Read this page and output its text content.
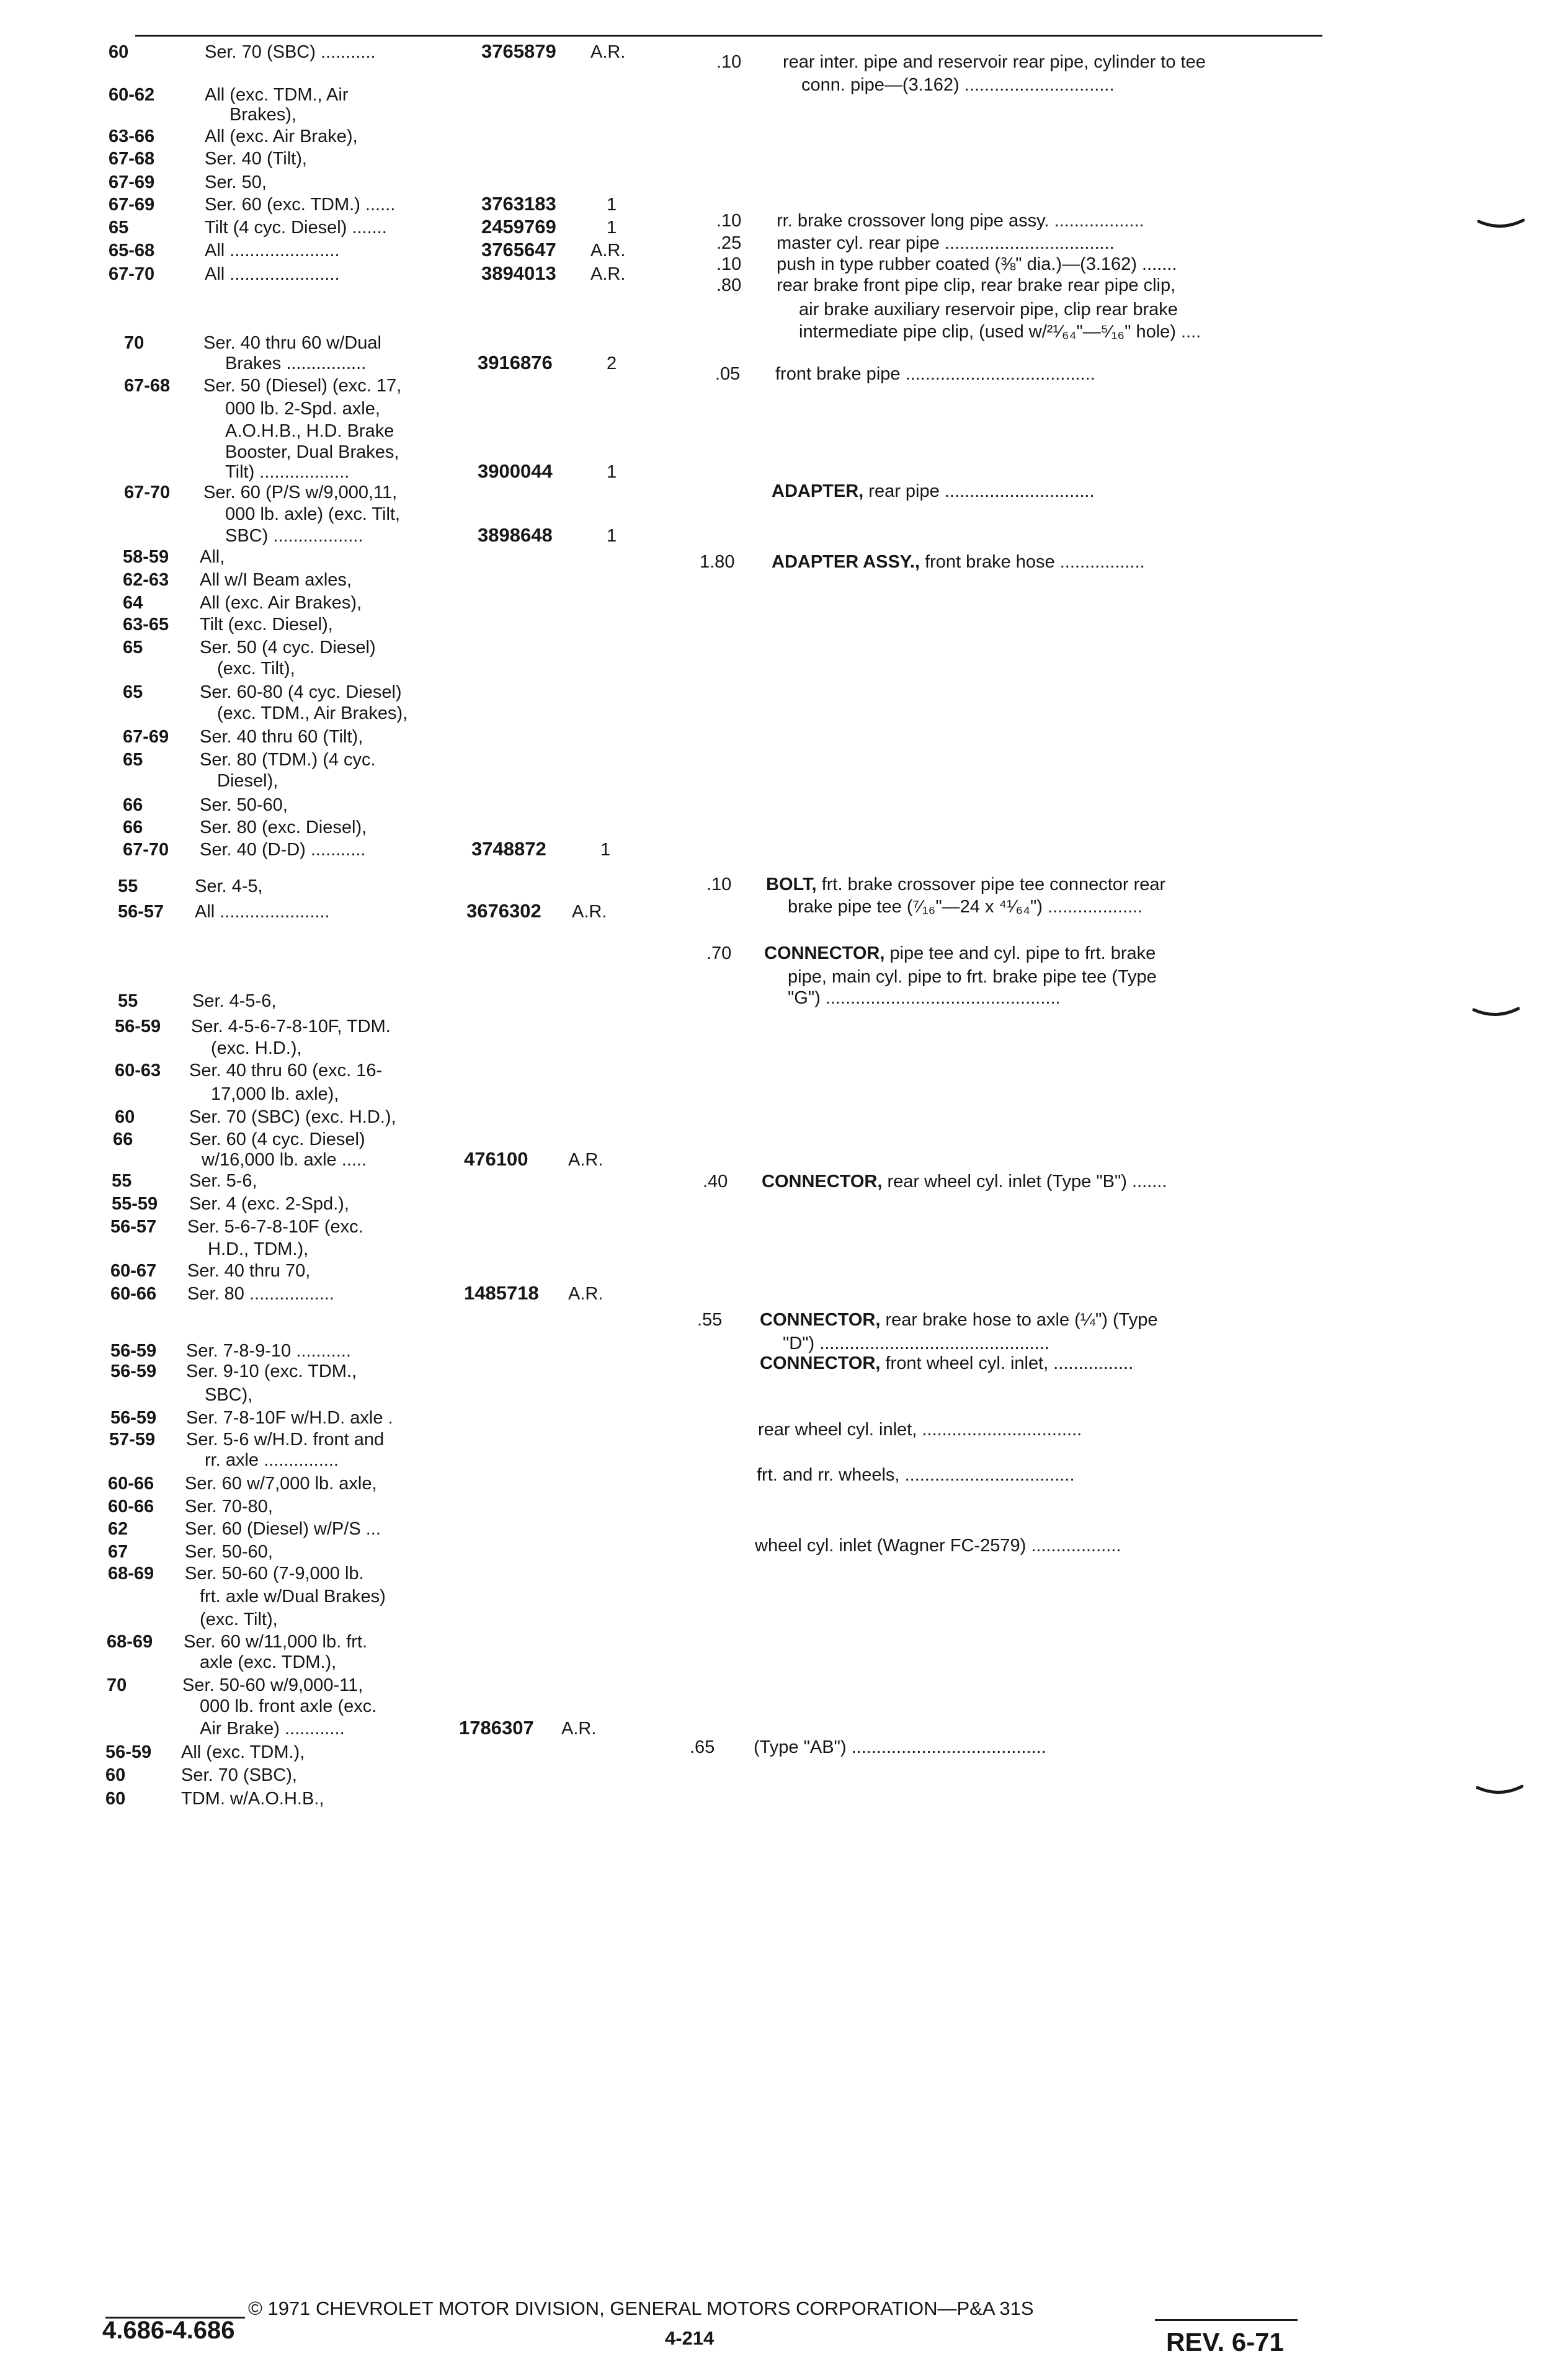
60	Ser. 70 (SBC) ...........	3765879 A.R.
60-62	All (exc. TDM., Air
Brakes),
63-66	All (exc. Air Brake),
67-68	Ser. 40 (Tilt),
67-69	Ser. 50,
67-69	Ser. 60 (exc. TDM.) ......	3763183	1
65	Tilt (4 cyc. Diesel) .......	2459769	1
65-68	All ......................	3765647 A.R.
67-70	All ......................	3894013 A.R.
70	Ser. 40 thru 60 w/Dual
Brakes ................	3916876	2
67-68 Ser. 50 (Diesel) (exc. 17,
000 lb. 2-Spd. axle,
A.O.H.B., H.D. Brake
Booster, Dual Brakes,
Tilt) ..................	3900044	1
67-70 Ser. 60 (P/S w/9,000,11,
000 lb. axle) (exc. Tilt,
SBC) ..................	3898648	1
58-59 All,
62-63 All w/I Beam axles,
64	All (exc. Air Brakes),
63-65 Tilt (exc. Diesel),
65	Ser. 50 (4 cyc. Diesel)
(exc. Tilt),
65	Ser. 60-80 (4 cyc. Diesel)
(exc. TDM., Air Brakes),
67-69 Ser. 40 thru 60 (Tilt),
65	Ser. 80 (TDM.) (4 cyc.
Diesel),
66	Ser. 50-60,
66	Ser. 80 (exc. Diesel),
67-70 Ser. 40 (D-D) ...........	3748872	1
55	Ser. 4-5,
56-57 All ......................	3676302 A.R.
55	Ser. 4-5-6,
56-59 Ser. 4-5-6-7-8-10F, TDM.
(exc. H.D.),
60-63 Ser. 40 thru 60 (exc. 16-
17,000 lb. axle),
60	Ser. 70 (SBC) (exc. H.D.),
66	Ser. 60 (4 cyc. Diesel)
w/16,000 lb. axle .....	476100 A.R.
55	Ser. 5-6,
55-59 Ser. 4 (exc. 2-Spd.),
56-57 Ser. 5-6-7-8-10F (exc.
H.D., TDM.),
60-67 Ser. 40 thru 70,
60-66 Ser. 80 .................	1485718 A.R.
56-59 Ser. 7-8-9-10 ...........
56-59 Ser. 9-10 (exc. TDM.,
SBC),
56-59 Ser. 7-8-10F w/H.D. axle .
57-59 Ser. 5-6 w/H.D. front and
rr. axle ...............
60-66 Ser. 60 w/7,000 lb. axle,
60-66 Ser. 70-80,
62	Ser. 60 (Diesel) w/P/S ...
67	Ser. 50-60,
68-69 Ser. 50-60 (7-9,000 lb.
frt. axle w/Dual Brakes)
(exc. Tilt),
68-69 Ser. 60 w/11,000 lb. frt.
axle (exc. TDM.),
70	Ser. 50-60 w/9,000-11,
000 lb. front axle (exc.
Air Brake) ............	1786307 A.R.
56-59 All (exc. TDM.),
60	Ser. 70 (SBC),
60	TDM. w/A.O.H.B.,
.10 rear inter. pipe and reservoir rear pipe, cylinder to tee
conn. pipe—(3.162) ..............................
.10 rr. brake crossover long pipe assy. ..................
.25 master cyl. rear pipe ..................................
.10 push in type rubber coated (⅜" dia.)—(3.162) .......
.80 rear brake front pipe clip, rear brake rear pipe clip,
air brake auxiliary reservoir pipe, clip rear brake
intermediate pipe clip, (used w/²¹⁄₆₄"—⁵⁄₁₆" hole) ....
.05 front brake pipe ......................................
ADAPTER, rear pipe ..............................
1.80 ADAPTER ASSY., front brake hose .................
.10 BOLT, frt. brake crossover pipe tee connector rear
brake pipe tee (⁷⁄₁₆"—24 x ⁴¹⁄₆₄") ...................
.70 CONNECTOR, pipe tee and cyl. pipe to frt. brake
pipe, main cyl. pipe to frt. brake pipe tee (Type
"G") ...............................................
.40 CONNECTOR, rear wheel cyl. inlet (Type "B") .......
.55 CONNECTOR, rear brake hose to axle (¼") (Type
"D") ..............................................
CONNECTOR, front wheel cyl. inlet, ................
rear wheel cyl. inlet, ................................
frt. and rr. wheels, ..................................
wheel cyl. inlet (Wagner FC-2579) ..................
.65 (Type "AB") .......................................
© 1971 CHEVROLET MOTOR DIVISION, GENERAL MOTORS CORPORATION—P&A 31S
4.686-4.686	4-214	REV. 6-71
